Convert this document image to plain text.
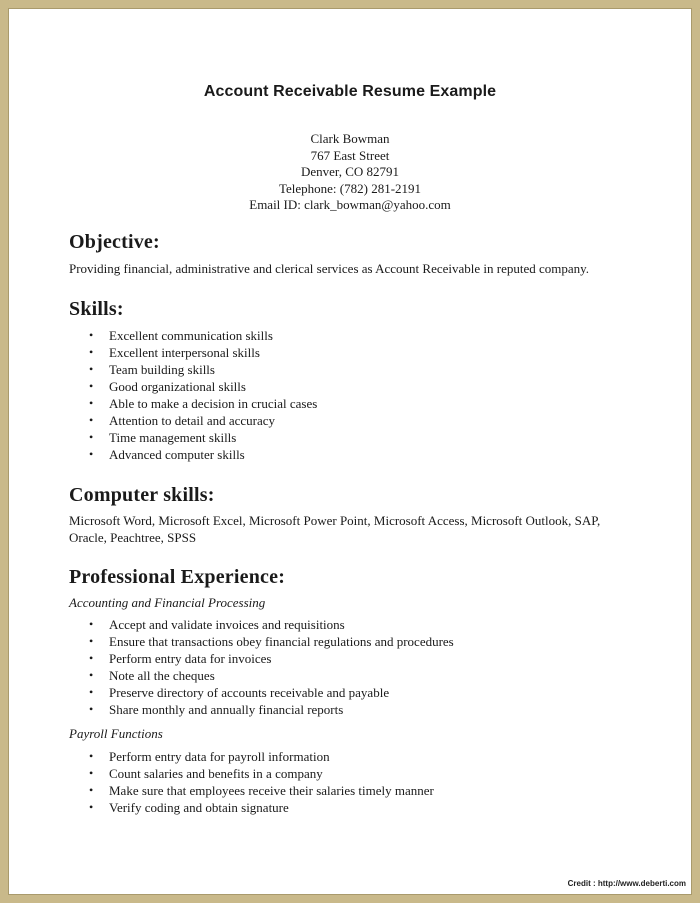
Account Receivable Resume Example
Clark Bowman
767 East Street
Denver, CO 82791
Telephone: (782) 281-2191
Email ID: clark_bowman@yahoo.com
Objective:
Providing financial, administrative and clerical services as Account Receivable in reputed company.
Skills:
• Excellent communication skills
• Excellent interpersonal skills
• Team building skills
• Good organizational skills
• Able to make a decision in crucial cases
• Attention to detail and accuracy
• Time management skills
• Advanced computer skills
Computer skills:
Microsoft Word, Microsoft Excel, Microsoft Power Point, Microsoft Access, Microsoft Outlook, SAP,
Oracle, Peachtree, SPSS
Professional Experience:
Accounting and Financial Processing
• Accept and validate invoices and requisitions
• Ensure that transactions obey financial regulations and procedures
• Perform entry data for invoices
• Note all the cheques
• Preserve directory of accounts receivable and payable
• Share monthly and annually financial reports
Payroll Functions
• Perform entry data for payroll information
• Count salaries and benefits in a company
• Make sure that employees receive their salaries timely manner
• Verify coding and obtain signature
Credit : http://www.deberti.com
